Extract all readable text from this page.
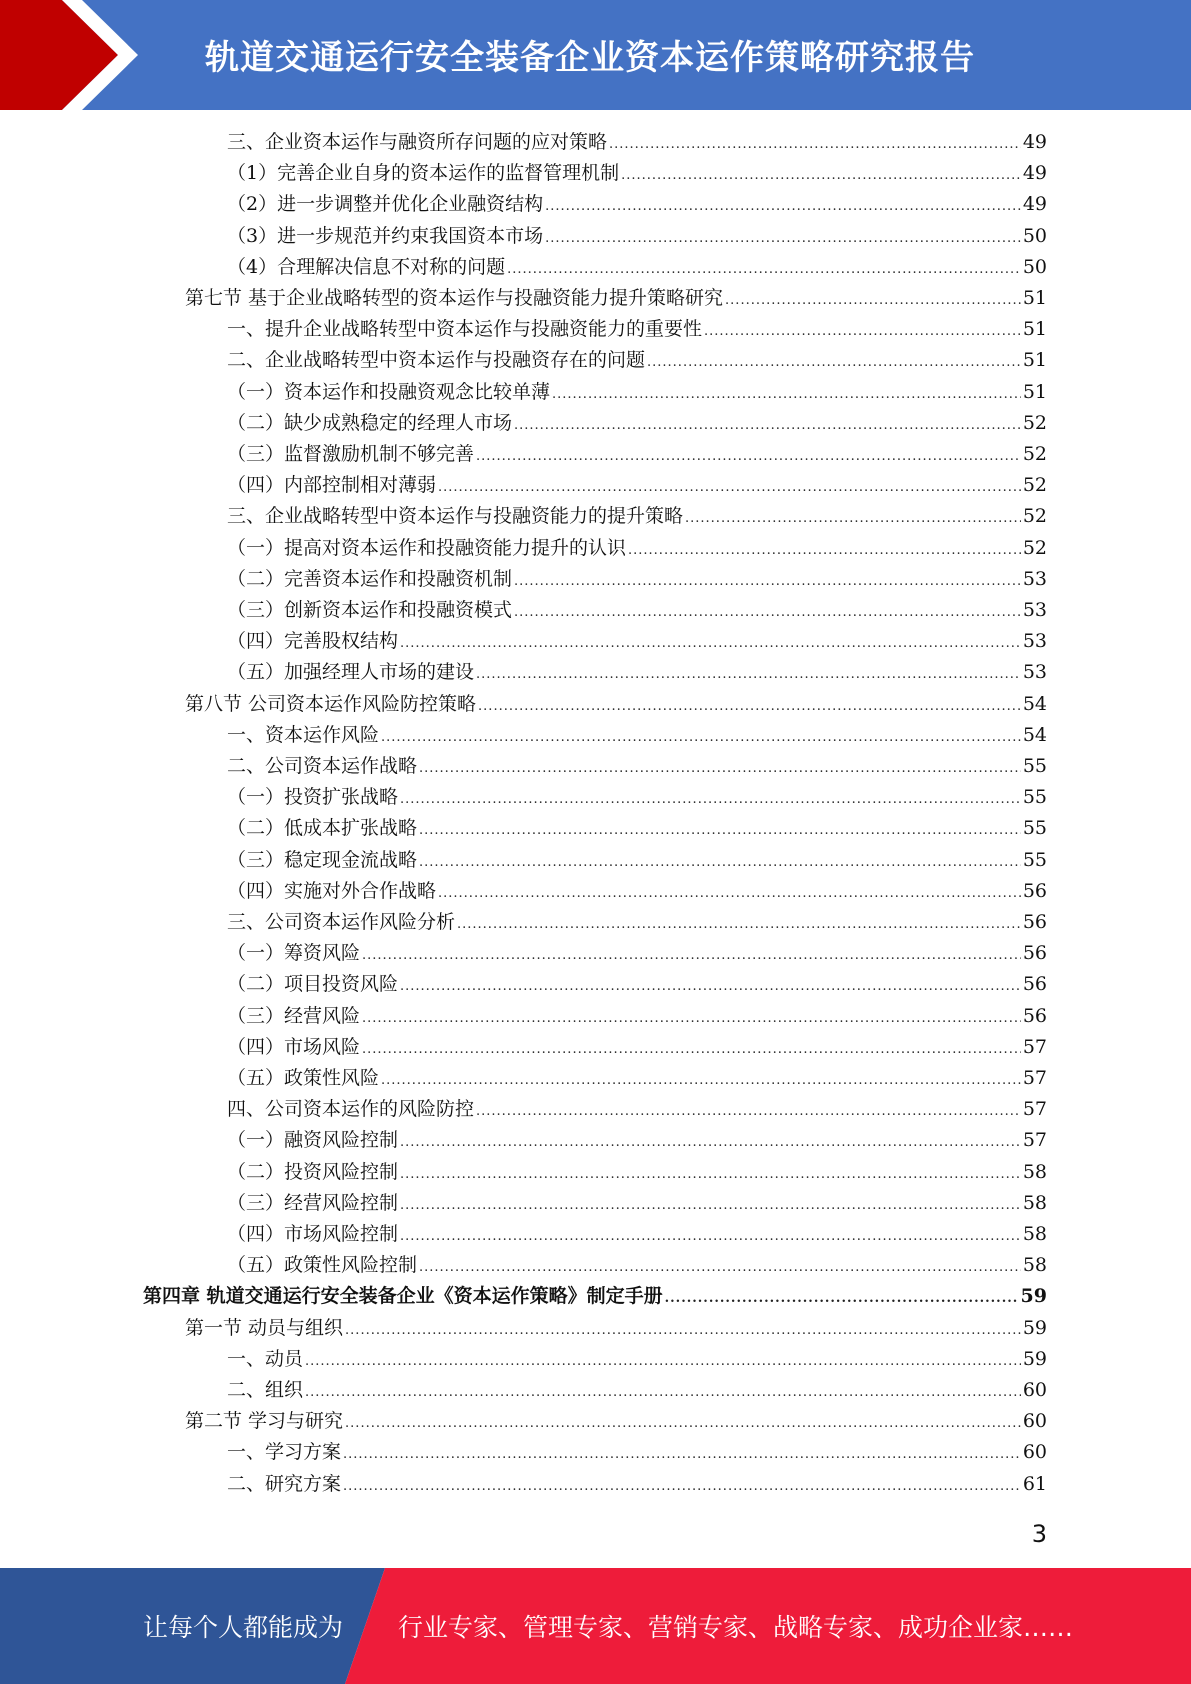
轨道交通运行安全装备企业资本运作策略研究报告
三、企业资本运作与融资所存问题的应对策略 .....	49
（1）完善企业自身的资本运作的监督管理机制 .....	49
（2）进一步调整并优化企业融资结构 .....	49
（3）进一步规范并约束我国资本市场 .....	50
（4）合理解决信息不对称的问题 .....	50
第七节 基于企业战略转型的资本运作与投融资能力提升策略研究 .....	51
一、提升企业战略转型中资本运作与投融资能力的重要性 .....	51
二、企业战略转型中资本运作与投融资存在的问题 .....	51
（一）资本运作和投融资观念比较单薄 .....	51
（二）缺少成熟稳定的经理人市场 .....	52
（三）监督激励机制不够完善 .....	52
（四）内部控制相对薄弱 .....	52
三、企业战略转型中资本运作与投融资能力的提升策略 .....	52
（一）提高对资本运作和投融资能力提升的认识 .....	52
（二）完善资本运作和投融资机制 .....	53
（三）创新资本运作和投融资模式 .....	53
（四）完善股权结构 .....	53
（五）加强经理人市场的建设 .....	53
第八节 公司资本运作风险防控策略 .....	54
一、资本运作风险 .....	54
二、公司资本运作战略 .....	55
（一）投资扩张战略 .....	55
（二）低成本扩张战略 .....	55
（三）稳定现金流战略 .....	55
（四）实施对外合作战略 .....	56
三、公司资本运作风险分析 .....	56
（一）筹资风险 .....	56
（二）项目投资风险 .....	56
（三）经营风险 .....	56
（四）市场风险 .....	57
（五）政策性风险 .....	57
四、公司资本运作的风险防控 .....	57
（一）融资风险控制 .....	57
（二）投资风险控制 .....	58
（三）经营风险控制 .....	58
（四）市场风险控制 .....	58
（五）政策性风险控制 .....	58
第四章 轨道交通运行安全装备企业《资本运作策略》制定手册 .....	59
第一节 动员与组织 .....	59
一、动员 .....	59
二、组织 .....	60
第二节 学习与研究 .....	60
一、学习方案 .....	60
二、研究方案 .....	61
3
让每个人都能成为 行业专家、管理专家、营销专家、战略专家、成功企业家……
